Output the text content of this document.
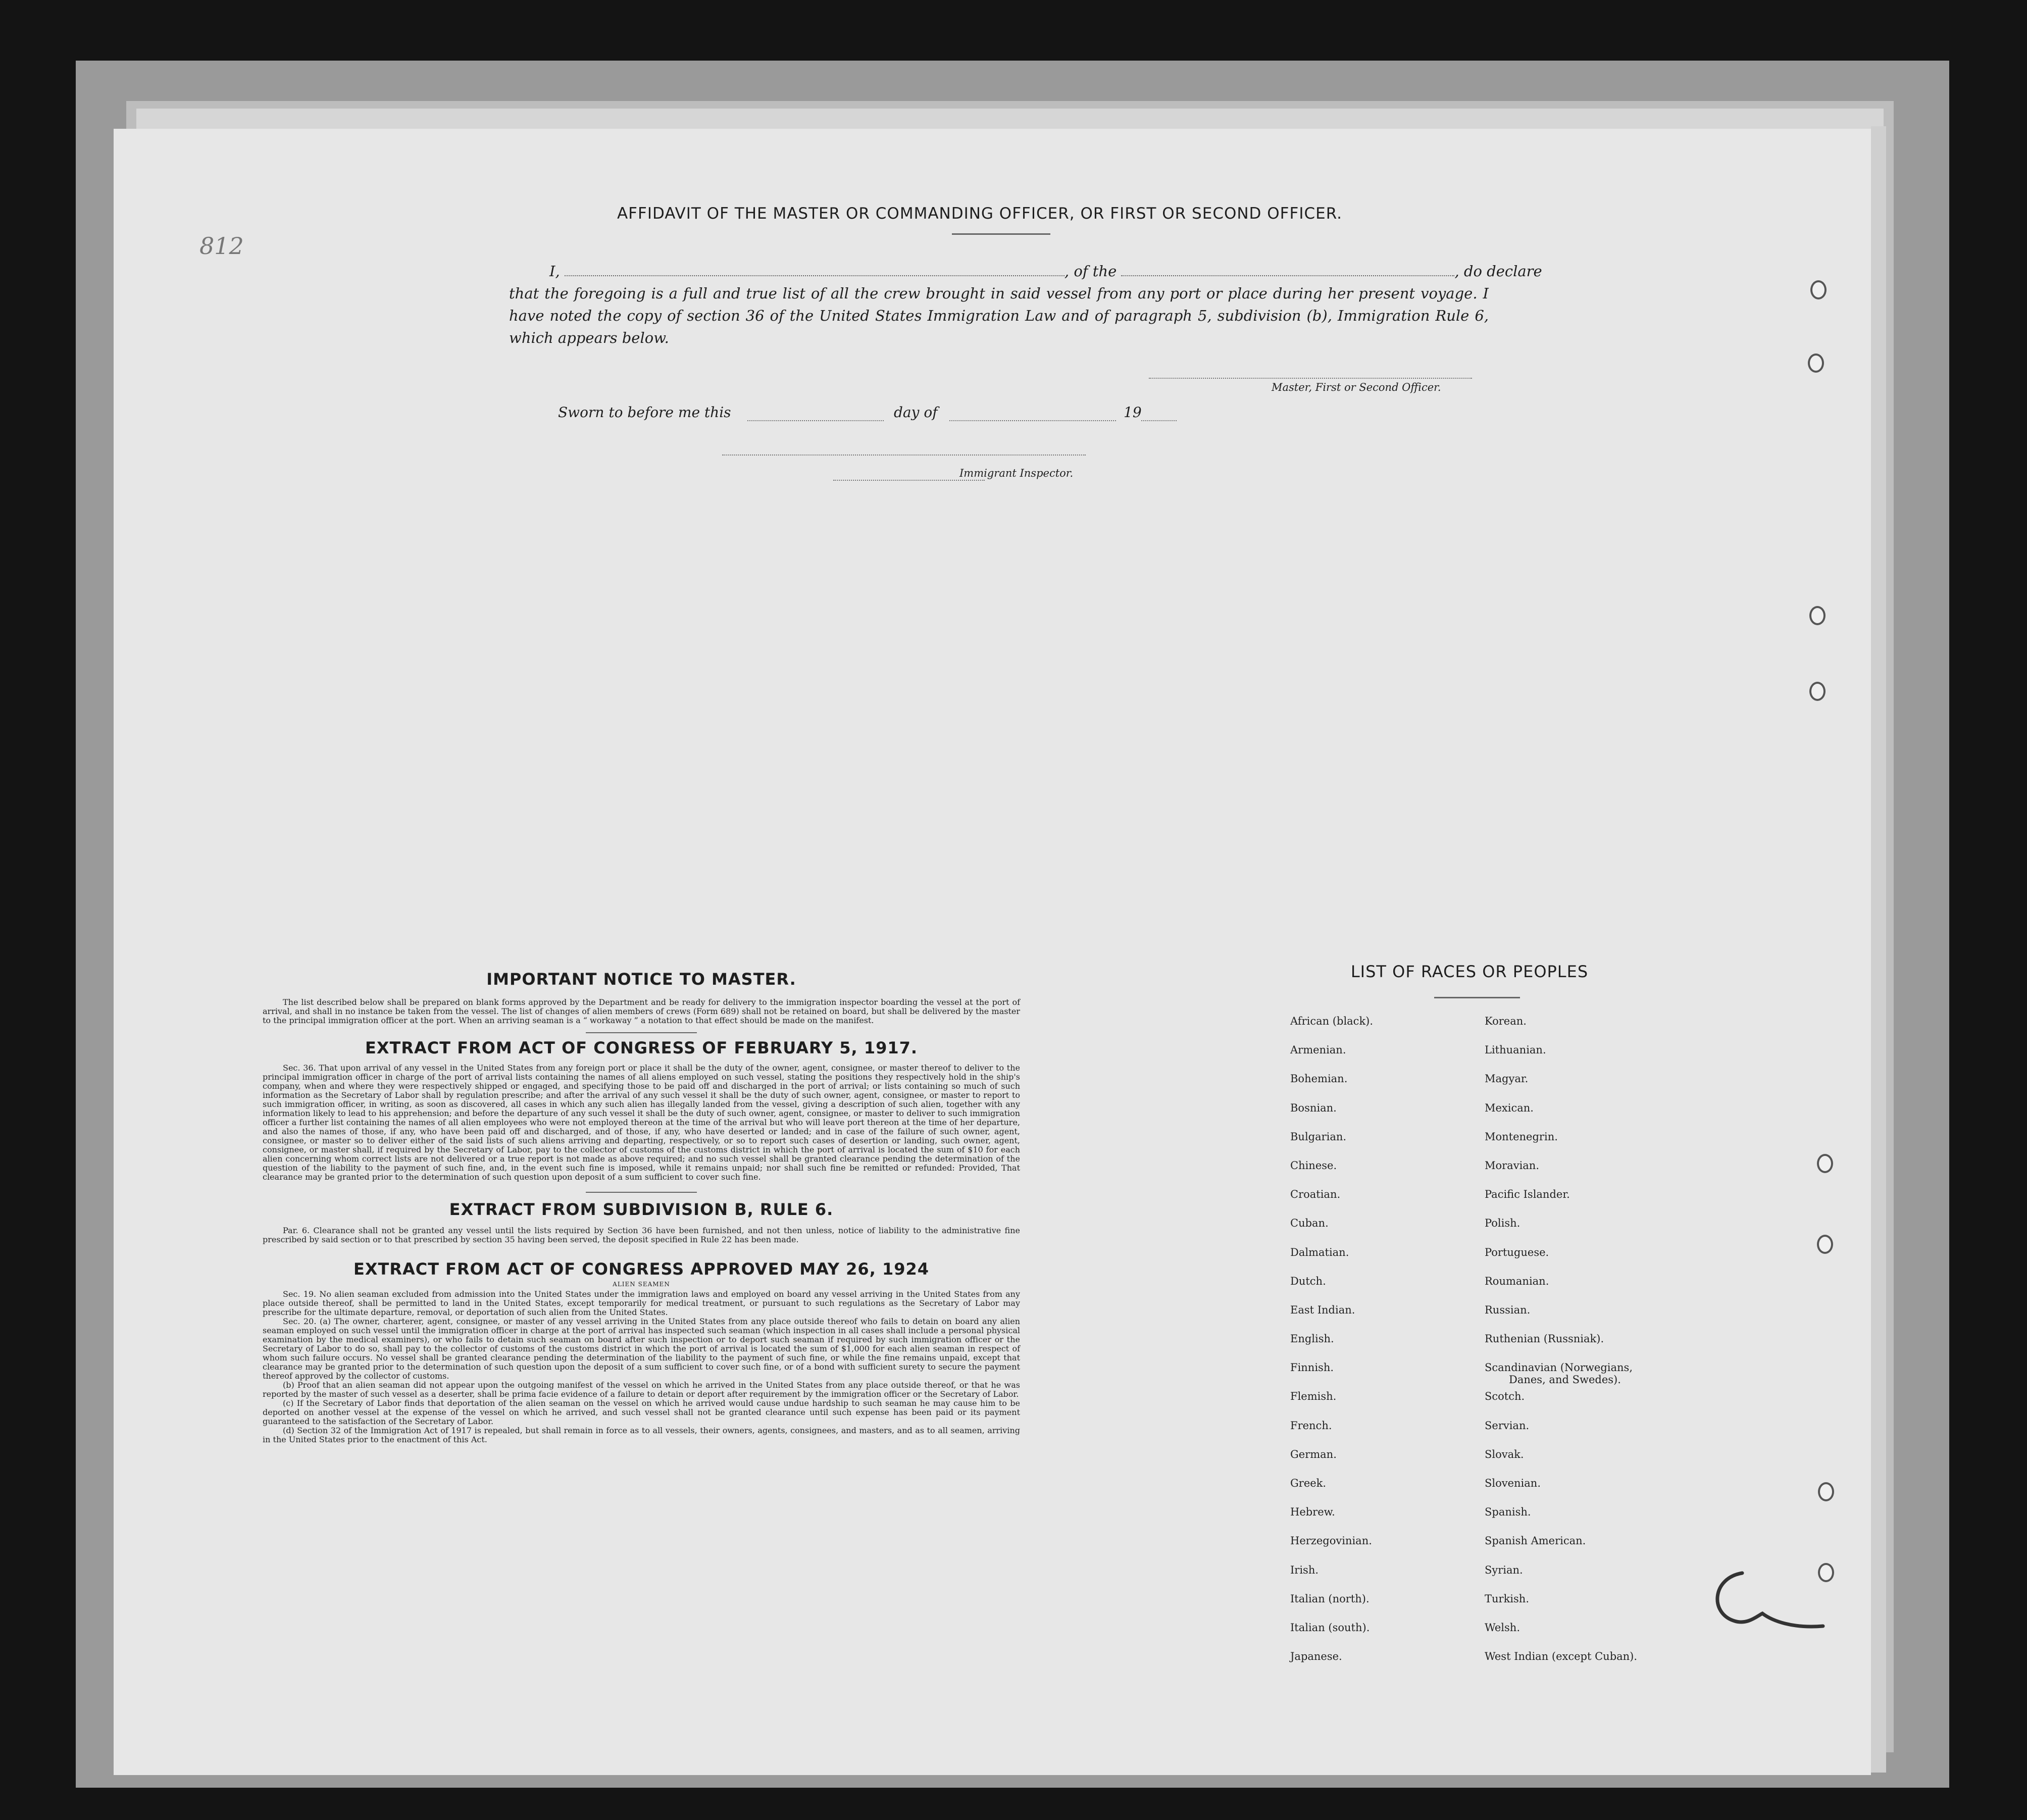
812
AFFIDAVIT OF THE MASTER OR COMMANDING OFFICER, OR FIRST OR SECOND OFFICER.
I,	, of the	, do declare
that the foregoing is a full and true list of all the crew brought in said vessel from any port or place during her present voyage. I have noted the copy of section 36 of the United States Immigration Law and of paragraph 5, subdivision (b), Immigration Rule 6, which appears below.
Master, First or Second Officer.
Sworn to before me this	day of	19
Immigrant Inspector.
IMPORTANT NOTICE TO MASTER.

The list described below shall be prepared on blank forms approved by the Department and be ready for delivery to the immigration inspector boarding the vessel at the port of arrival, and shall in no instance be taken from the vessel. The list of changes of alien members of crews (Form 689) shall not be retained on board, but shall be delivered by the master to the principal immigration officer at the port. When an arriving seaman is a “ workaway ” a notation to that effect should be made on the manifest.

EXTRACT FROM ACT OF CONGRESS OF FEBRUARY 5, 1917.

Sec. 36. That upon arrival of any vessel in the United States from any foreign port or place it shall be the duty of the owner, agent, consignee, or master thereof to deliver to the principal immigration officer in charge of the port of arrival lists containing the names of all aliens employed on such vessel, stating the positions they respectively hold in the ship's company, when and where they were respectively shipped or engaged, and specifying those to be paid off and discharged in the port of arrival; or lists containing so much of such information as the Secretary of Labor shall by regulation prescribe; and after the arrival of any such vessel it shall be the duty of such owner, agent, consignee, or master to report to such immigration officer, in writing, as soon as discovered, all cases in which any such alien has illegally landed from the vessel, giving a description of such alien, together with any information likely to lead to his apprehension; and before the departure of any such vessel it shall be the duty of such owner, agent, consignee, or master to deliver to such immigration officer a further list containing the names of all alien employees who were not employed thereon at the time of the arrival but who will leave port thereon at the time of her departure, and also the names of those, if any, who have been paid off and discharged, and of those, if any, who have deserted or landed; and in case of the failure of such owner, agent, consignee, or master so to deliver either of the said lists of such aliens arriving and departing, respectively, or so to report such cases of desertion or landing, such owner, agent, consignee, or master shall, if required by the Secretary of Labor, pay to the collector of customs of the customs district in which the port of arrival is located the sum of $10 for each alien concerning whom correct lists are not delivered or a true report is not made as above required; and no such vessel shall be granted clearance pending the determination of the question of the liability to the payment of such fine, and, in the event such fine is imposed, while it remains unpaid; nor shall such fine be remitted or refunded: Provided, That clearance may be granted prior to the determination of such question upon deposit of a sum sufficient to cover such fine.

EXTRACT FROM SUBDIVISION B, RULE 6.

Par. 6. Clearance shall not be granted any vessel until the lists required by Section 36 have been furnished, and not then unless, notice of liability to the administrative fine prescribed by said section or to that prescribed by section 35 having been served, the deposit specified in Rule 22 has been made.

EXTRACT FROM ACT OF CONGRESS APPROVED MAY 26, 1924
ALIEN SEAMEN

Sec. 19. No alien seaman excluded from admission into the United States under the immigration laws and employed on board any vessel arriving in the United States from any place outside thereof, shall be permitted to land in the United States, except temporarily for medical treatment, or pursuant to such regulations as the Secretary of Labor may prescribe for the ultimate departure, removal, or deportation of such alien from the United States.

Sec. 20. (a) The owner, charterer, agent, consignee, or master of any vessel arriving in the United States from any place outside thereof who fails to detain on board any alien seaman employed on such vessel until the immigration officer in charge at the port of arrival has inspected such seaman (which inspection in all cases shall include a personal physical examination by the medical examiners), or who fails to detain such seaman on board after such inspection or to deport such seaman if required by such immigration officer or the Secretary of Labor to do so, shall pay to the collector of customs of the customs district in which the port of arrival is located the sum of $1,000 for each alien seaman in respect of whom such failure occurs. No vessel shall be granted clearance pending the determination of the liability to the payment of such fine, or while the fine remains unpaid, except that clearance may be granted prior to the determination of such question upon the deposit of a sum sufficient to cover such fine, or of a bond with sufficient surety to secure the payment thereof approved by the collector of customs.

(b) Proof that an alien seaman did not appear upon the outgoing manifest of the vessel on which he arrived in the United States from any place outside thereof, or that he was reported by the master of such vessel as a deserter, shall be prima facie evidence of a failure to detain or deport after requirement by the immigration officer or the Secretary of Labor.

(c) If the Secretary of Labor finds that deportation of the alien seaman on the vessel on which he arrived would cause undue hardship to such seaman he may cause him to be deported on another vessel at the expense of the vessel on which he arrived, and such vessel shall not be granted clearance until such expense has been paid or its payment guaranteed to the satisfaction of the Secretary of Labor.

(d) Section 32 of the Immigration Act of 1917 is repealed, but shall remain in force as to all vessels, their owners, agents, consignees, and masters, and as to all seamen, arriving in the United States prior to the enactment of this Act.

LIST OF RACES OR PEOPLES
African (black).	Korean.
Armenian.	Lithuanian.
Bohemian.	Magyar.
Bosnian.	Mexican.
Bulgarian.	Montenegrin.
Chinese.	Moravian.
Croatian.	Pacific Islander.
Cuban.	Polish.
Dalmatian.	Portuguese.
Dutch.	Roumanian.
East Indian.	Russian.
English.	Ruthenian (Russniak).
Finnish.	Scandinavian (Norwegians,
Danes, and Swedes).
Flemish.	Scotch.
French.	Servian.
German.	Slovak.
Greek.	Slovenian.
Hebrew.	Spanish.
Herzegovinian.	Spanish American.
Irish.	Syrian.
Italian (north).	Turkish.
Italian (south).	Welsh.
Japanese.	West Indian (except Cuban).
